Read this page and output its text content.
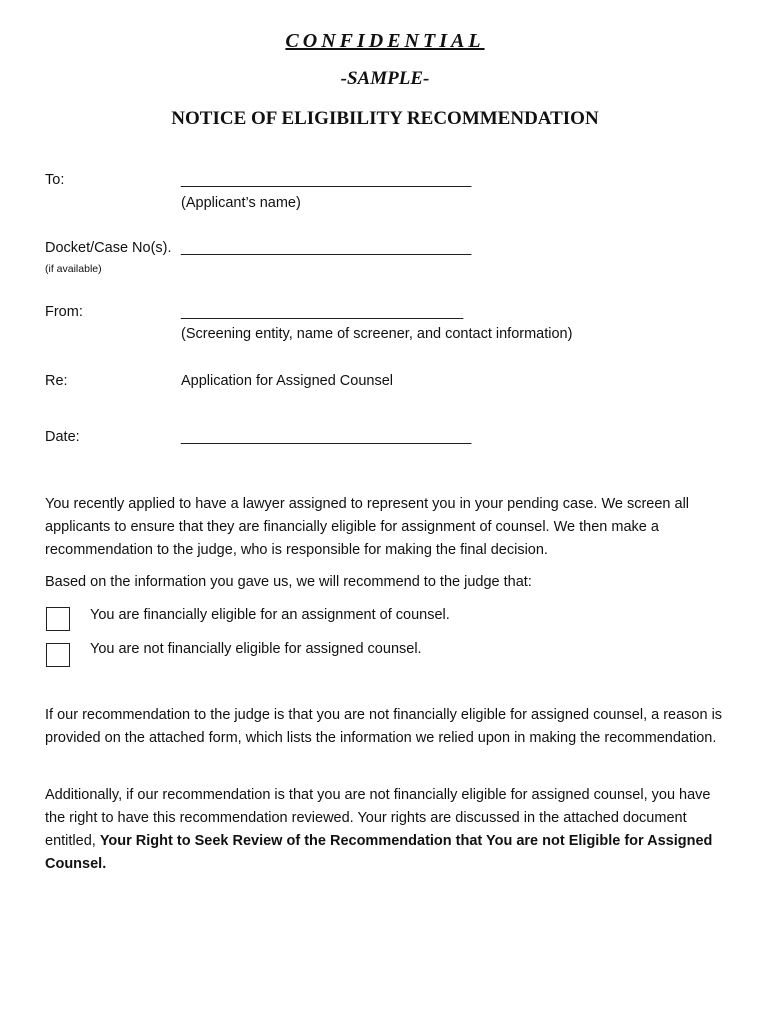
CONFIDENTIAL
-SAMPLE-
NOTICE OF ELIGIBILITY RECOMMENDATION
To:	____________________________________
(Applicant’s name)
Docket/Case No(s). ____________________________________
(if available)
From:	___________________________________
(Screening entity, name of screener, and contact information)
Re:	Application for Assigned Counsel
Date:	____________________________________

You recently applied to have a lawyer assigned to represent you in your pending case. We screen all applicants to ensure that they are financially eligible for assignment of counsel. We then make a recommendation to the judge, who is responsible for making the final decision.

Based on the information you gave us, we will recommend to the judge that:

You are financially eligible for an assignment of counsel.
You are not financially eligible for assigned counsel.

If our recommendation to the judge is that you are not financially eligible for assigned counsel, a reason is provided on the attached form, which lists the information we relied upon in making the recommendation.

Additionally, if our recommendation is that you are not financially eligible for assigned counsel, you have the right to have this recommendation reviewed. Your rights are discussed in the attached document entitled, Your Right to Seek Review of the Recommendation that You are not Eligible for Assigned Counsel.
